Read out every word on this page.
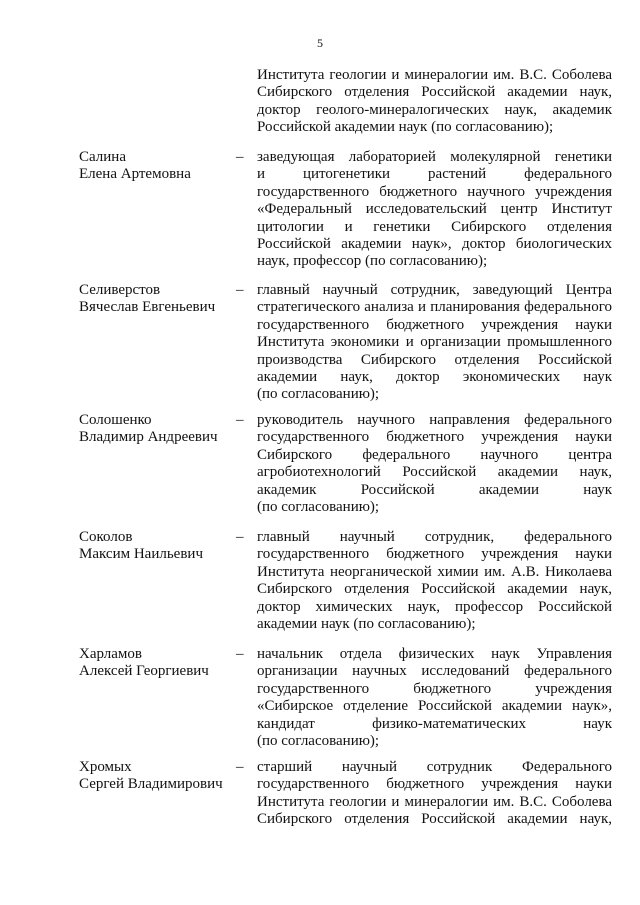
5
Института геологии и минералогии им. В.С. Соболева
Сибирского отделения Российской академии наук,
доктор геолого-минералогических наук, академик
Российской академии наук (по согласованию);
Салина
Елена Артемовна
– заведующая лабораторией молекулярной генетики
и цитогенетики растений федерального
государственного бюджетного научного учреждения
«Федеральный исследовательский центр Институт
цитологии и генетики Сибирского отделения
Российской академии наук», доктор биологических
наук, профессор (по согласованию);
Селиверстов
Вячеслав Евгеньевич
– главный научный сотрудник, заведующий Центра
стратегического анализа и планирования федерального
государственного бюджетного учреждения науки
Института экономики и организации промышленного
производства Сибирского отделения Российской
академии наук, доктор экономических наук
(по согласованию);
Солошенко
Владимир Андреевич
– руководитель научного направления федерального
государственного бюджетного учреждения науки
Сибирского федерального научного центра
агробиотехнологий Российской академии наук,
академик Российской академии наук
(по согласованию);
Соколов
Максим Наильевич
– главный научный сотрудник, федерального
государственного бюджетного учреждения науки
Института неорганической химии им. А.В. Николаева
Сибирского отделения Российской академии наук,
доктор химических наук, профессор Российской
академии наук (по согласованию);
Харламов
Алексей Георгиевич
– начальник отдела физических наук Управления
организации научных исследований федерального
государственного бюджетного учреждения
«Сибирское отделение Российской академии наук»,
кандидат физико-математических наук
(по согласованию);
Хромых
Сергей Владимирович
– старший научный сотрудник Федерального
государственного бюджетного учреждения науки
Института геологии и минералогии им. В.С. Соболева
Сибирского отделения Российской академии наук,
